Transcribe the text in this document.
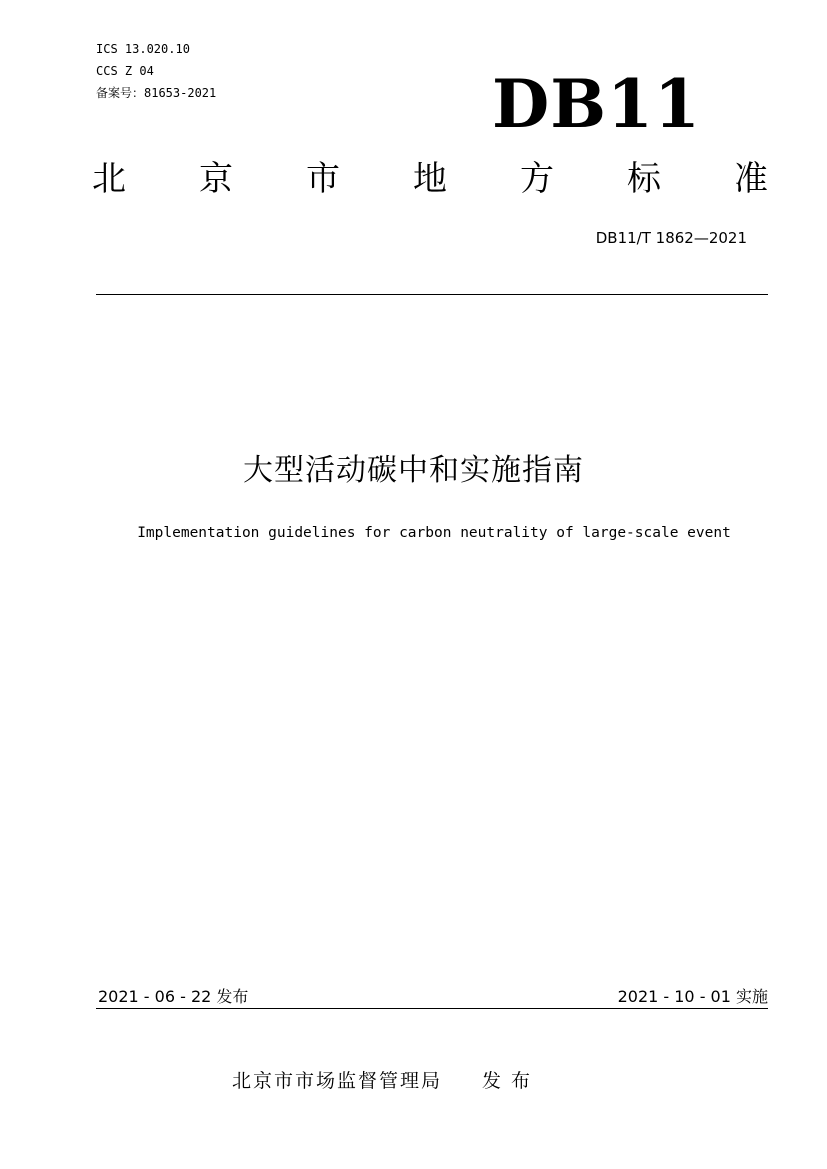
ICS 13.020.10
CCS Z 04
备案号：81653-2021	DB11
北 京 市 地 方 标 准
DB11/T 1862—2021
大型活动碳中和实施指南
Implementation guidelines for carbon neutrality of large-scale event
2021 - 06 - 22 发布	2021 - 10 - 01 实施
北京市市场监督管理局 发布
